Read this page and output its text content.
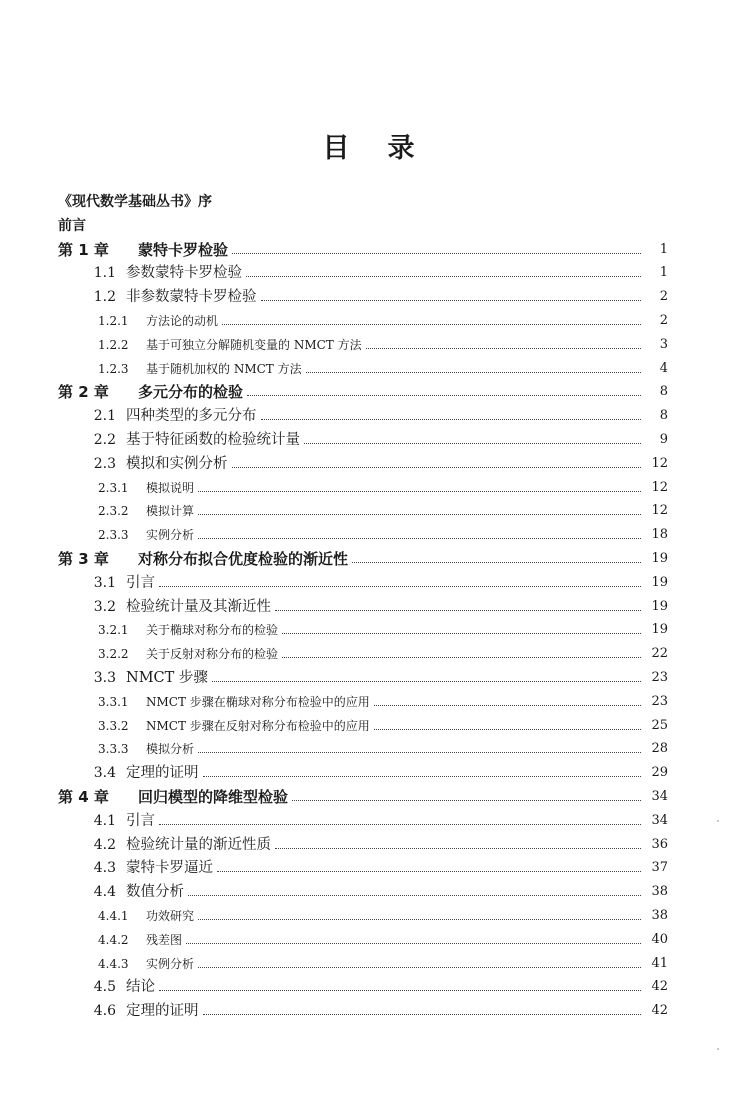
目录
《现代数学基础丛书》序
前言
第 1 章	蒙特卡罗检验	1
1.1 参数蒙特卡罗检验	1
1.2 非参数蒙特卡罗检验	2
1.2.1	方法论的动机	2
1.2.2	基于可独立分解随机变量的 NMCT 方法	3
1.2.3	基于随机加权的 NMCT 方法	4
第 2 章	多元分布的检验	8
2.1 四种类型的多元分布	8
2.2 基于特征函数的检验统计量	9
2.3 模拟和实例分析	12
2.3.1	模拟说明	12
2.3.2	模拟计算	12
2.3.3	实例分析	18
第 3 章	对称分布拟合优度检验的渐近性	19
3.1 引言	19
3.2 检验统计量及其渐近性	19
3.2.1	关于椭球对称分布的检验	19
3.2.2	关于反射对称分布的检验	22
3.3 NMCT 步骤	23
3.3.1	NMCT 步骤在椭球对称分布检验中的应用	23
3.3.2	NMCT 步骤在反射对称分布检验中的应用	25
3.3.3	模拟分析	28
3.4 定理的证明	29
第 4 章	回归模型的降维型检验	34
4.1 引言	34
4.2 检验统计量的渐近性质	36
4.3 蒙特卡罗逼近	37
4.4 数值分析	38
4.4.1	功效研究	38
4.4.2	残差图	40
4.4.3	实例分析	41
4.5 结论	42
4.6 定理的证明	42
